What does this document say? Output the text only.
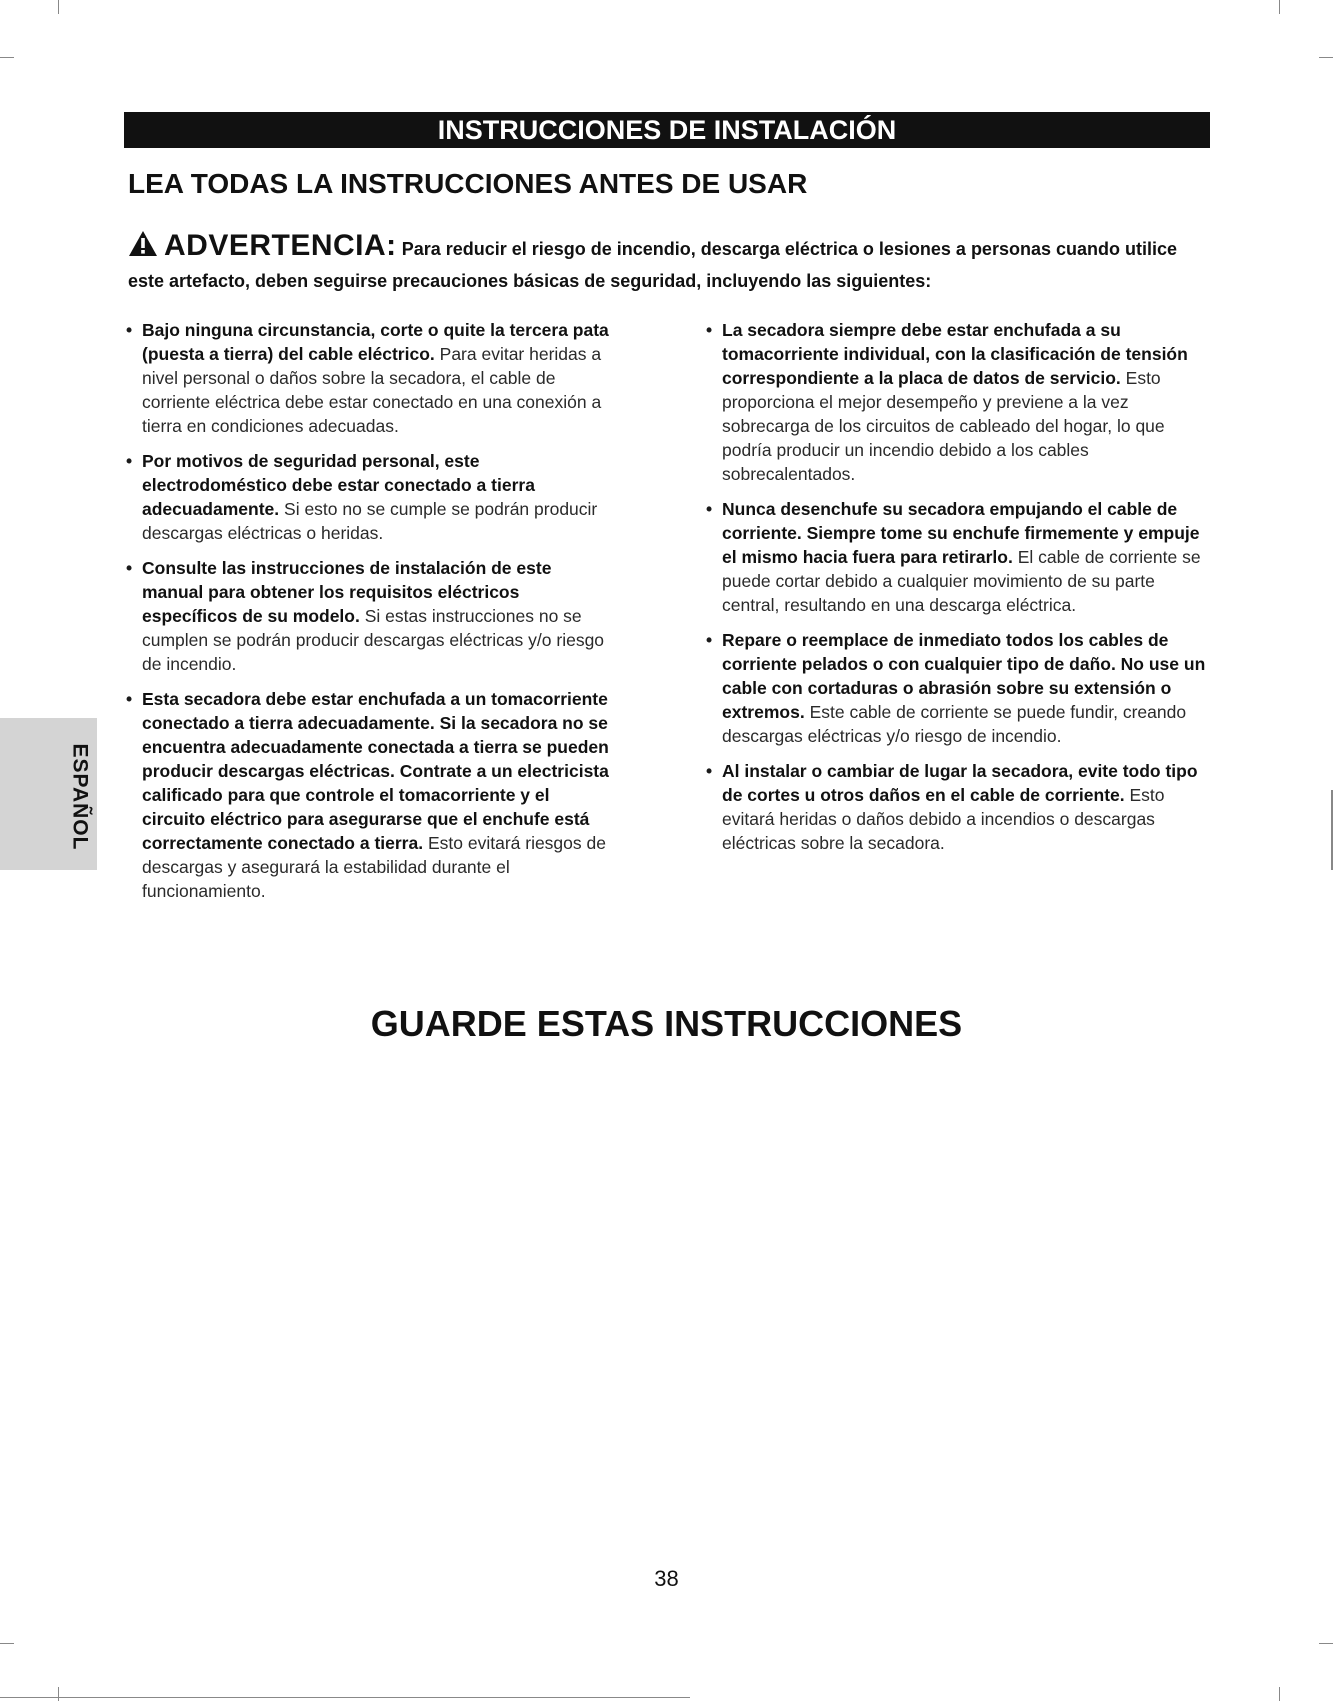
INSTRUCCIONES DE INSTALACIÓN
LEA TODAS LA INSTRUCCIONES ANTES DE USAR
ADVERTENCIA: Para reducir el riesgo de incendio, descarga eléctrica o lesiones a personas cuando utilice este artefacto, deben seguirse precauciones básicas de seguridad, incluyendo las siguientes:
• Bajo ninguna circunstancia, corte o quite la tercera pata (puesta a tierra) del cable eléctrico. Para evitar heridas a nivel personal o daños sobre la secadora, el cable de corriente eléctrica debe estar conectado en una conexión a tierra en condiciones adecuadas.
• Por motivos de seguridad personal, este electrodoméstico debe estar conectado a tierra adecuadamente. Si esto no se cumple se podrán producir descargas eléctricas o heridas.
• Consulte las instrucciones de instalación de este manual para obtener los requisitos eléctricos específicos de su modelo. Si estas instrucciones no se cumplen se podrán producir descargas eléctricas y/o riesgo de incendio.
• Esta secadora debe estar enchufada a un tomacorriente conectado a tierra adecuadamente. Si la secadora no se encuentra adecuadamente conectada a tierra se pueden producir descargas eléctricas. Contrate a un electricista calificado para que controle el tomacorriente y el circuito eléctrico para asegurarse que el enchufe está correctamente conectado a tierra. Esto evitará riesgos de descargas y asegurará la estabilidad durante el funcionamiento.
• La secadora siempre debe estar enchufada a su tomacorriente individual, con la clasificación de tensión correspondiente a la placa de datos de servicio. Esto proporciona el mejor desempeño y previene a la vez sobrecarga de los circuitos de cableado del hogar, lo que podría producir un incendio debido a los cables sobrecalentados.
• Nunca desenchufe su secadora empujando el cable de corriente. Siempre tome su enchufe firmemente y empuje el mismo hacia fuera para retirarlo. El cable de corriente se puede cortar debido a cualquier movimiento de su parte central, resultando en una descarga eléctrica.
• Repare o reemplace de inmediato todos los cables de corriente pelados o con cualquier tipo de daño. No use un cable con cortaduras o abrasión sobre su extensión o extremos. Este cable de corriente se puede fundir, creando descargas eléctricas y/o riesgo de incendio.
• Al instalar o cambiar de lugar la secadora, evite todo tipo de cortes u otros daños en el cable de corriente. Esto evitará heridas o daños debido a incendios o descargas eléctricas sobre la secadora.
ESPAÑOL
GUARDE ESTAS INSTRUCCIONES
38
